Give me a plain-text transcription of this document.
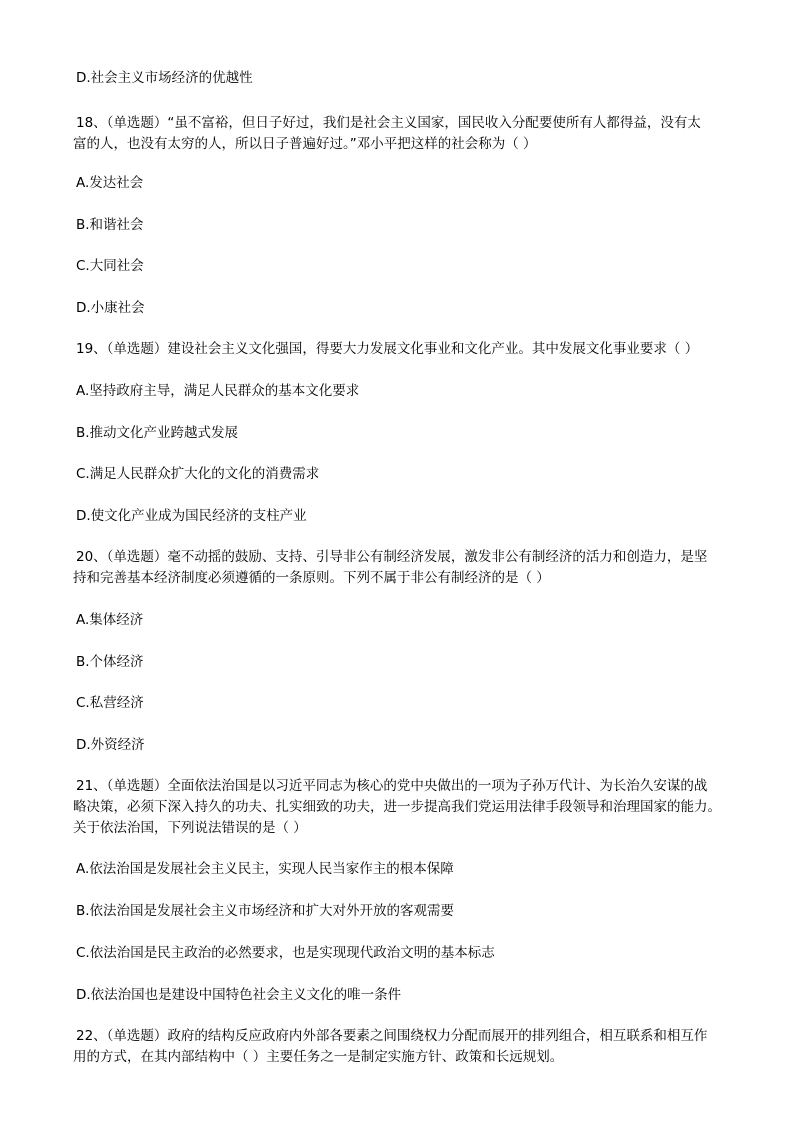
D.社会主义市场经济的优越性
18、（单选题）“虽不富裕，但日子好过，我们是社会主义国家，国民收入分配要使所有人都得益，没有太
富的人，也没有太穷的人，所以日子普遍好过。”邓小平把这样的社会称为（ ）
A.发达社会
B.和谐社会
C.大同社会
D.小康社会
19、（单选题）建设社会主义文化强国，得要大力发展文化事业和文化产业。其中发展文化事业要求（ ）
A.坚持政府主导，满足人民群众的基本文化要求
B.推动文化产业跨越式发展
C.满足人民群众扩大化的文化的消费需求
D.使文化产业成为国民经济的支柱产业
20、（单选题）毫不动摇的鼓励、支持、引导非公有制经济发展，激发非公有制经济的活力和创造力，是坚
持和完善基本经济制度必须遵循的一条原则。下列不属于非公有制经济的是（ ）
A.集体经济
B.个体经济
C.私营经济
D.外资经济
21、（单选题）全面依法治国是以习近平同志为核心的党中央做出的一项为子孙万代计、为长治久安谋的战
略决策，必须下深入持久的功夫、扎实细致的功夫，进一步提高我们党运用法律手段领导和治理国家的能力。关于依法治国，下列说法错误的是（ ）
A.依法治国是发展社会主义民主，实现人民当家作主的根本保障
B.依法治国是发展社会主义市场经济和扩大对外开放的客观需要
C.依法治国是民主政治的必然要求，也是实现现代政治文明的基本标志
D.依法治国也是建设中国特色社会主义文化的唯一条件
22、（单选题）政府的结构反应政府内外部各要素之间围绕权力分配而展开的排列组合，相互联系和相互作
用的方式，在其内部结构中（ ）主要任务之一是制定实施方针、政策和长远规划。
